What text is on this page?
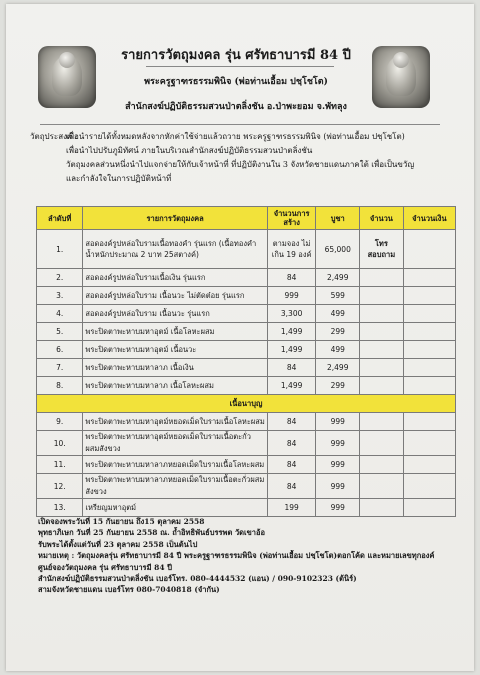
รายการวัตถุมงคล รุ่น ศรัทธาบารมี 84 ปี
พระครูฐาฑรธรรมพินิจ (พ่อท่านเอื้อม ปชฺโชโต)
สำนักสงฆ์ปฏิบัติธรรมสวนป่าตลิ่งชัน อ.ป่าพะยอม จ.พัทลุง
วัตถุประสงค์ :
เพื่อนำรายได้ทั้งหมดหลังจากหักค่าใช้จ่ายแล้วถวาย พระครูฐาฑรธรรมพินิจ (พ่อท่านเอื้อม ปชฺโชโต)
เพื่อนำไปปรับภูมิทัศน์ ภายในบริเวณสำนักสงฆ์ปฏิบัติธรรมสวนป่าตลิ่งชัน
วัตถุมงคลส่วนหนึ่งนำไปแจกจ่ายให้กับเจ้าหน้าที่ ที่ปฏิบัติงานใน 3 จังหวัดชายแดนภาคใต้ เพื่อเป็นขวัญ
และกำลังใจในการปฏิบัติหน้าที่
ลำดับที่	รายการวัตถุมงคล	จำนวนการสร้าง	บูชา	จำนวน	จำนวนเงิน
1.	สอดองค์รูปหล่อใบรามเนื้อทองคำ รุ่นแรก (เนื้อทองคำน้ำหนักประมาณ 2 บาท 25สตางค์)	ตามจอง ไม่เกิน 19 องค์	65,000	โทร สอบถาม	
2.	สอดองค์รูปหล่อใบรามเนื้อเงิน รุ่นแรก	84	2,499		
3.	สอดองค์รูปหล่อใบราม เนื้อนวะ ไม่ตัดต๋อย รุ่นแรก	999	599		
4.	สอดองค์รูปหล่อใบราม เนื้อนวะ รุ่นแรก	3,300	499		
5.	พระปิดตาพะหาบมหาอุตม์ เนื้อโลหะผสม	1,499	299		
6.	พระปิดตาพะหาบมหาอุตม์ เนื้อนวะ	1,499	499		
7.	พระปิดตาพะหาบมหาลาภ เนื้อเงิน	84	2,499		
8.	พระปิดตาพะหาบมหาลาภ เนื้อโลหะผสม	1,499	299		
เนื้อนาบุญ					
9.	พระปิดตาพะหาบมหาอุตม์หยอดเม็ดใบรามเนื้อโลหะผสม	84	999		
10.	พระปิดตาพะหาบมหาอุตม์หยอดเม็ดใบรามเนื้อตะกั่วผสมสังขวง	84	999		
11.	พระปิดตาพะหาบมหาลาภหยอดเม็ดใบรามเนื้อโลหะผสม	84	999		
12.	พระปิดตาพะหาบมหาลาภหยอดเม็ดใบรามเนื้อตะกั่วผสมสังขวง	84	999		
13.	เหรียญมหาอุตม์	199	999		
เปิดจองพระวันที่ 15 กันยายน ถึง15 ตุลาคม 2558
พุทธาภิเษก วันที่ 25 กันยายน 2558 ณ. ถ้ำอิทธิพันธ์บรรพต วัดเขาอ้อ
รับพระได้ตั้งแต่วันที่ 23 ตุลาคม 2558 เป็นต้นไป
หมายเหตุ : วัตถุมงคลรุ่น ศรัทธาบารมี 84 ปี พระครูฐาฑรธรรมพินิจ (พ่อท่านเอื้อม ปชฺโชโต)ตอกโค้ด และหมายเลขทุกองค์
ศูนย์จองวัตถุมงคล รุ่น ศรัทธาบารมี 84 ปี
สำนักสงฆ์ปฏิบัติธรรมสวนป่าตลิ่งชัน เบอร์โทร. 080-4444532 (แอน) / 090-9102323 (ต้นิร์)
สามจังหวัดชายแดน เบอร์โทร 080-7040818 (จำกัน)
